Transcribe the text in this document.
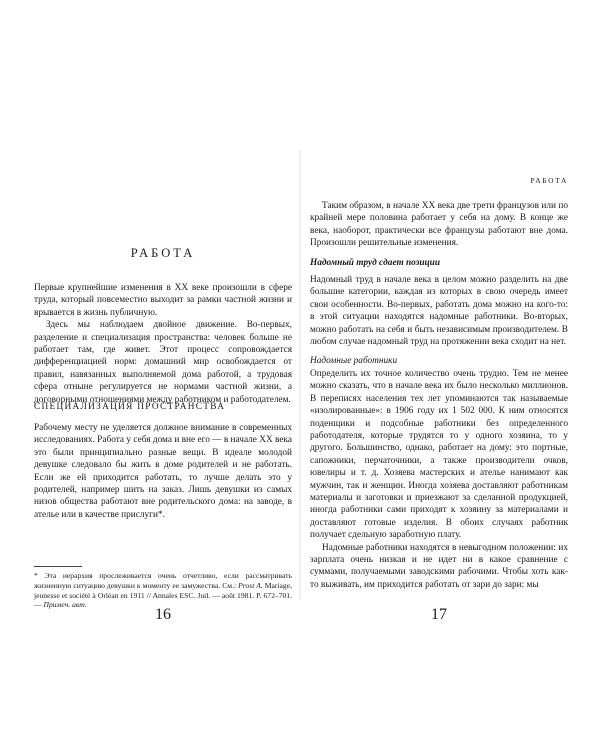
РАБОТА

Первые крупнейшие изменения в XX веке произошли в сфере труда, который повсеместно выходит за рамки частной жизни и врывается в жизнь публичную.

Здесь мы наблюдаем двойное движение. Во-первых, разделение и специализация пространства: человек больше не работает там, где живет. Этот процесс сопровождается дифференциацией норм: домашний мир освобождается от правил, навязанных выполняемой дома работой, а трудовая сфера отныне регулируется не нормами частной жизни, а договорными отношениями между работником и работодателем.

СПЕЦИАЛИЗАЦИЯ ПРОСТРАНСТВА

Рабочему месту не уделяется должное внимание в современных исследованиях. Работа у себя дома и вне его — в начале XX века это были принципиально разные вещи. В идеале молодой девушке следовало бы жить в доме родителей и не работать. Если же ей приходится работать, то лучше делать это у родителей, например шить на заказ. Лишь девушки из самых низов общества работают вне родительского дома: на заводе, в ателье или в качестве прислуги*.

* Эта иерархия прослеживается очень отчетливо, если рассматривать жизненную ситуацию девушки к моменту ее замужества. См.: Prost A. Mariage, jeunesse et société à Orléan en 1911 // Annales ESC. Juil. — août 1981. P. 672–701. — Примеч. авт.

16
РАБОТА

Таким образом, в начале XX века две трети французов или по крайней мере половина работает у себя на дому. В конце же века, наоборот, практически все французы работают вне дома. Произошли решительные изменения.

Надомный труд сдает позиции

Надомный труд в начале века в целом можно разделить на две большие категории, каждая из которых в свою очередь имеет свои особенности. Во-первых, работать дома можно на кого-то: в этой ситуации находятся надомные работники. Во-вторых, можно работать на себя и быть независимым производителем. В любом случае надомный труд на протяжении века сходит на нет.

Надомные работники

Определить их точное количество очень трудно. Тем не менее можно сказать, что в начале века их было несколько миллионов. В переписях населения тех лет упоминаются так называемые «изолированные»: в 1906 году их 1 502 000. К ним относятся поденщики и подсобные работники без определенного работодателя, которые трудятся то у одного хозяина, то у другого. Большинство, однако, работает на дому: это портные, сапожники, перчаточники, а также производители очков, ювелиры и т. д. Хозяева мастерских и ателье нанимают как мужчин, так и женщин. Иногда хозяева доставляют работникам материалы и заготовки и приезжают за сделанной продукцией, иногда работники сами приходят к хозяину за материалами и доставляют готовые изделия. В обоих случаях работник получает сдельную заработную плату.

Надомные работники находятся в невыгодном положении: их зарплата очень низкая и не идет ни в какое сравнение с суммами, получаемыми заводскими рабочими. Чтобы хоть как-то выживать, им приходится работать от зари до зари: мы

17
